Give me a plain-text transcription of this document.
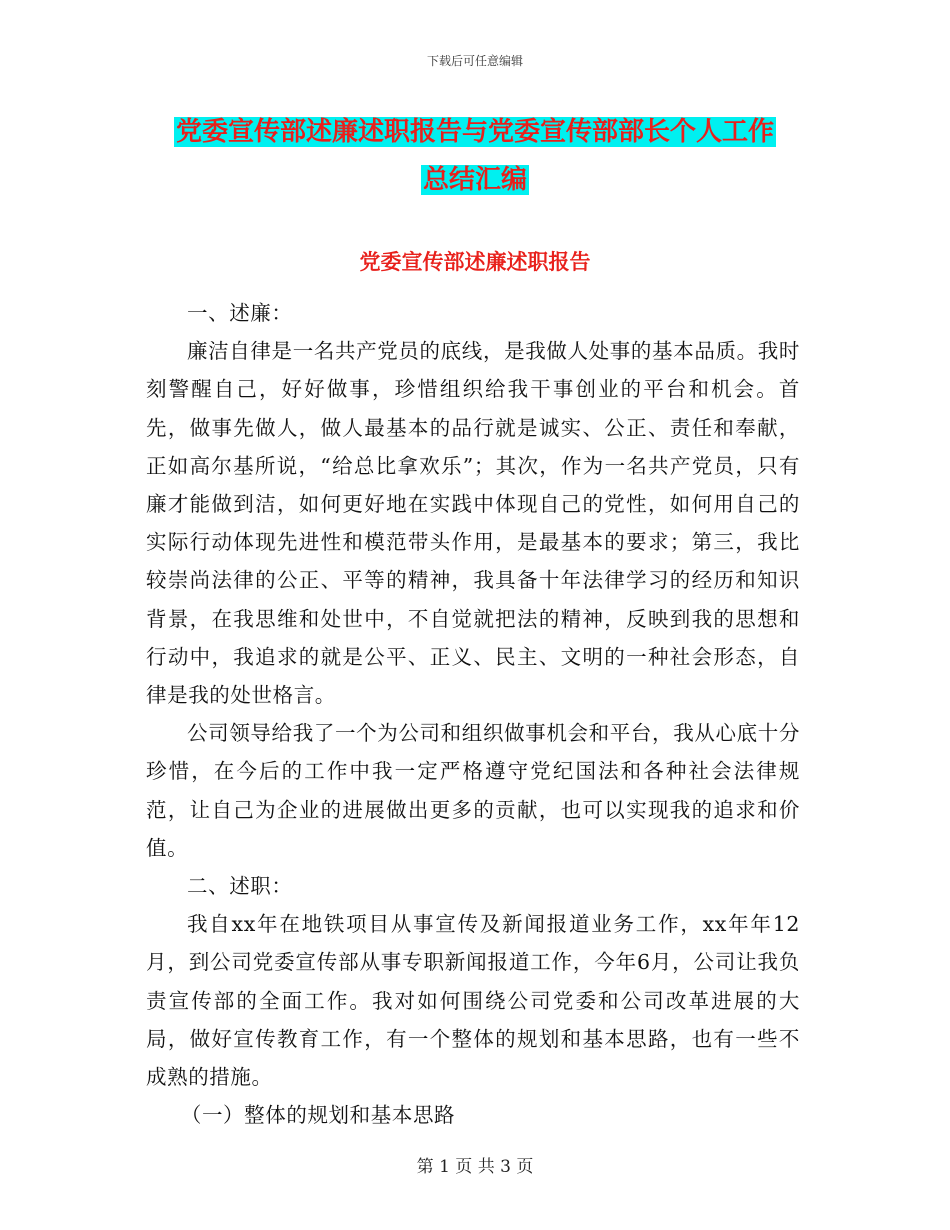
下载后可任意编辑
党委宣传部述廉述职报告与党委宣传部部长个人工作
总结汇编
党委宣传部述廉述职报告

一、述廉：

廉洁自律是一名共产党员的底线，是我做人处事的基本品质。我时刻警醒自己，好好做事，珍惜组织给我干事创业的平台和机会。首先，做事先做人，做人最基本的品行就是诚实、公正、责任和奉献，正如高尔基所说，“给总比拿欢乐”；其次，作为一名共产党员，只有廉才能做到洁，如何更好地在实践中体现自己的党性，如何用自己的实际行动体现先进性和模范带头作用，是最基本的要求；第三，我比较崇尚法律的公正、平等的精神，我具备十年法律学习的经历和知识背景，在我思维和处世中，不自觉就把法的精神，反映到我的思想和行动中，我追求的就是公平、正义、民主、文明的一种社会形态，自律是我的处世格言。

公司领导给我了一个为公司和组织做事机会和平台，我从心底十分珍惜，在今后的工作中我一定严格遵守党纪国法和各种社会法律规范，让自己为企业的进展做出更多的贡献，也可以实现我的追求和价值。

二、述职：

我自xx年在地铁项目从事宣传及新闻报道业务工作，xx年年12月，到公司党委宣传部从事专职新闻报道工作，今年6月，公司让我负责宣传部的全面工作。我对如何围绕公司党委和公司改革进展的大局，做好宣传教育工作，有一个整体的规划和基本思路，也有一些不成熟的措施。

（一）整体的规划和基本思路

第 1 页 共 3 页
